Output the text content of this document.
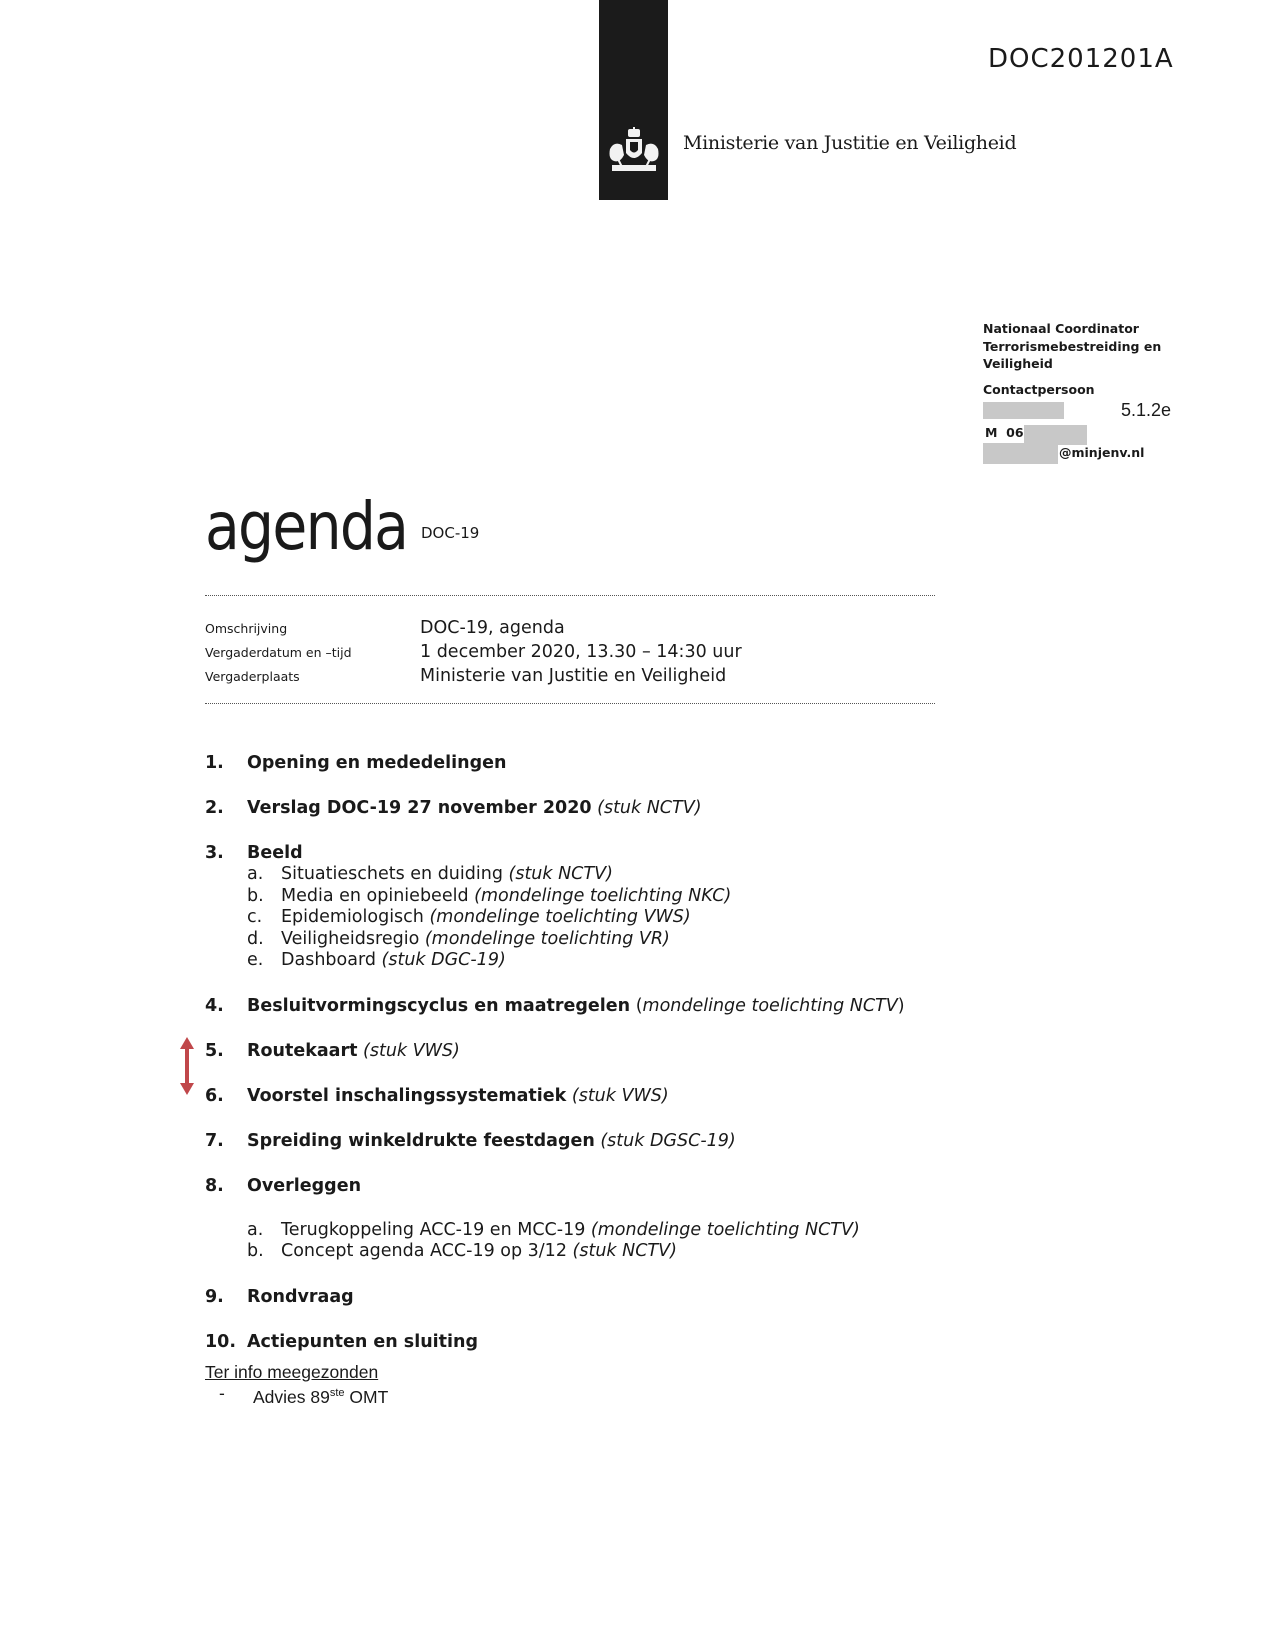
DOC201201A
Ministerie van Justitie en Veiligheid
Nationaal Coordinator
Terrorismebestreiding en
Veiligheid
Contactpersoon
5.1.2e
M  06
@minjenv.nl
agenda DOC-19
Omschrijving	DOC-19, agenda
Vergaderdatum en –tijd	1 december 2020, 13.30 – 14:30 uur
Vergaderplaats	Ministerie van Justitie en Veiligheid
1.	Opening en mededelingen
2.	Verslag DOC-19 27 november 2020 (stuk NCTV)
3.	Beeld
a.	Situatieschets en duiding (stuk NCTV)
b. Media en opiniebeeld (mondelinge toelichting NKC)
c.	Epidemiologisch (mondelinge toelichting VWS)
d. Veiligheidsregio (mondelinge toelichting VR)
e.	Dashboard (stuk DGC-19)
4.	Besluitvormingscyclus en maatregelen (mondelinge toelichting NCTV)
5.	Routekaart (stuk VWS)
6.	Voorstel inschalingssystematiek (stuk VWS)
7.	Spreiding winkeldrukte feestdagen (stuk DGSC-19)
8.	Overleggen
a.	Terugkoppeling ACC-19 en MCC-19 (mondelinge toelichting NCTV)
b. Concept agenda ACC-19 op 3/12 (stuk NCTV)
9.	Rondvraag
10. Actiepunten en sluiting
Ter info meegezonden
-	Advies 89ste OMT
